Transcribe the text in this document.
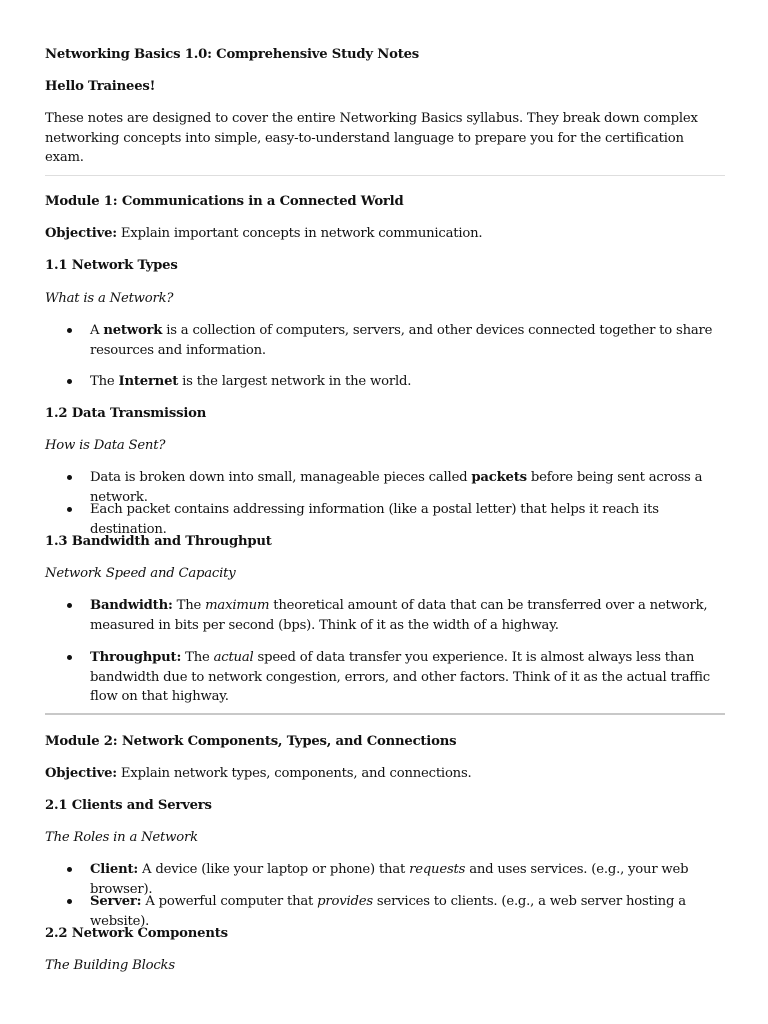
Networking Basics 1.0: Comprehensive Study Notes
Hello Trainees!
These notes are designed to cover the entire Networking Basics syllabus. They break down complex networking concepts into simple, easy-to-understand language to prepare you for the certification exam.
Module 1: Communications in a Connected World
Objective: Explain important concepts in network communication.
1.1 Network Types
What is a Network?
A network is a collection of computers, servers, and other devices connected together to share resources and information.
The Internet is the largest network in the world.
1.2 Data Transmission
How is Data Sent?
Data is broken down into small, manageable pieces called packets before being sent across a network.
Each packet contains addressing information (like a postal letter) that helps it reach its destination.
1.3 Bandwidth and Throughput
Network Speed and Capacity
Bandwidth: The maximum theoretical amount of data that can be transferred over a network, measured in bits per second (bps). Think of it as the width of a highway.
Throughput: The actual speed of data transfer you experience. It is almost always less than bandwidth due to network congestion, errors, and other factors. Think of it as the actual traffic flow on that highway.
Module 2: Network Components, Types, and Connections
Objective: Explain network types, components, and connections.
2.1 Clients and Servers
The Roles in a Network
Client: A device (like your laptop or phone) that requests and uses services. (e.g., your web browser).
Server: A powerful computer that provides services to clients. (e.g., a web server hosting a website).
2.2 Network Components
The Building Blocks
